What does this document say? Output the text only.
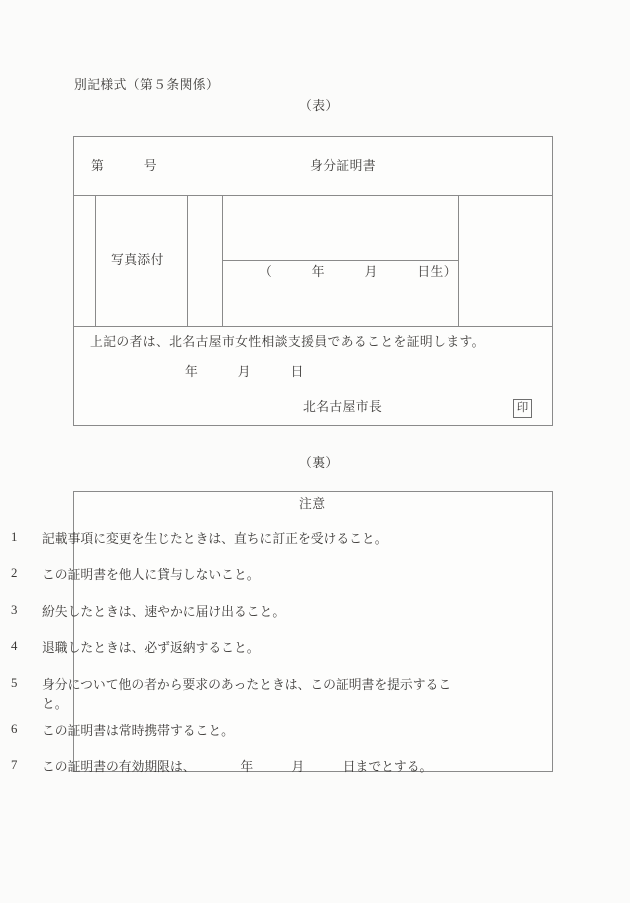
別記様式（第５条関係）
（表）
第　　　号	身分証明書
写真添付
（　　　年　　　月　　　日生）
上記の者は、北名古屋市女性相談支援員であることを証明します。
年　　　月　　　日
北名古屋市長	印
（裏）
注意
1	記載事項に変更を生じたときは、直ちに訂正を受けること。
2	この証明書を他人に貸与しないこと。
3	紛失したときは、速やかに届け出ること。
4	退職したときは、必ず返納すること。
5	身分について他の者から要求のあったときは、この証明書を提示すること。
6	この証明書は常時携帯すること。
7	この証明書の有効期限は、　　　　年　　　月　　　日までとする。
